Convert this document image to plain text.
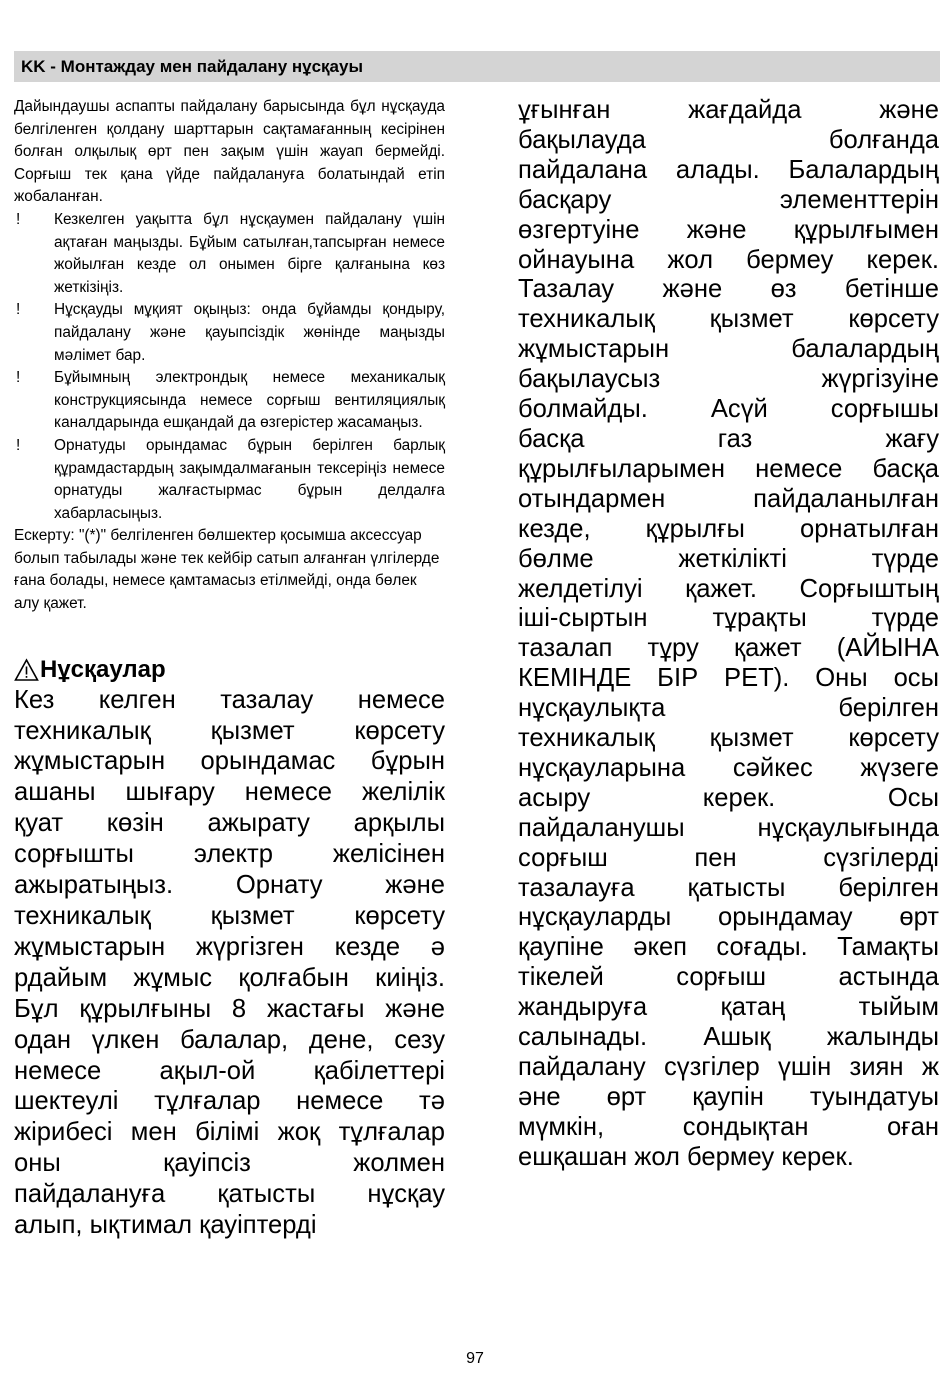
KK - Монтаждау мен пайдалану нұсқауы

Дайындаушы аспапты пайдалану барысында бұл нұсқауда белгіленген қолдану шарттарын сақтамағанның кесірінен болған олқылық өрт пен зақым үшін жауап бермейді. Сорғыш тек қана үйде пайдалануға болатындай етіп жобаланған.

!	Кезкелген уақытта бұл нұсқаумен пайдалану үшін ақтаған маңызды. Бұйым сатылған,тапсырған немесе жойылған кезде ол онымен бірге қалғанына көз жеткізіңіз.
!	Нұсқауды мұқият оқыңыз: онда бұйамды қондыру, пайдалану және қауыпсіздік жөнінде маңызды мәлімет бар.
!	Бұйымның электрондық немесе механикалық конструкциясында немесе сорғыш вентиляциялық каналдарында ешқандай да өзгерістер жасамаңыз.
!	Орнатуды орындамас бұрын берілген барлық құрамдастардың зақымдалмағанын тексеріңіз немесе орнатуды жалғастырмас бұрын делдалға хабарласыңыз.

Ескерту: "(*)" белгіленген бөлшектер қосымша аксессуар болып табылады және тек кейбір сатып алғанған үлгілерде ғана болады, немесе қамтамасыз етілмейді, онда бөлек алу қажет.

Нұсқаулар

Кез келген тазалау немесе

техникалық қызмет көрсету

жұмыстарын орындамас бұрын

ашаны шығару немесе желілік

қуат көзін ажырату арқылы

сорғышты электр желісінен

ажыратыңыз. Орнату және

техникалық қызмет көрсету

жұмыстарын жүргізген кезде ә

рдайым жұмыс қолғабын киіңіз.

Бұл құрылғыны 8 жастағы және

одан үлкен балалар, дене, сезу

немесе ақыл-ой қабілеттері

шектеулі тұлғалар немесе тә

жірибесі мен білімі жоқ тұлғалар

оны қауіпсіз жолмен

пайдалануға қатысты нұсқау

алып, ықтимал қауіптерді

ұғынған жағдайда және

бақылауда болғанда

пайдалана алады. Балалардың

басқару элементтерін

өзгертуіне және құрылғымен

ойнауына жол бермеу керек.

Тазалау және өз бетінше

техникалық қызмет көрсету

жұмыстарын балалардың

бақылаусыз жүргізуіне

болмайды. Асүй сорғышы

басқа газ жағу

құрылғыларымен немесе басқа

отындармен пайдаланылған

кезде, құрылғы орнатылған

бөлме жеткілікті түрде

желдетілуі қажет. Сорғыштың

іші-сыртын тұрақты түрде

тазалап тұру қажет (АЙЫНА

КЕМІНДЕ БІР РЕТ). Оны осы

нұсқаулықта берілген

техникалық қызмет көрсету

нұсқауларына сәйкес жүзеге

асыру керек. Осы

пайдаланушы нұсқаулығында

сорғыш пен сүзгілерді

тазалауға қатысты берілген

нұсқауларды орындамау өрт

қаупіне әкеп соғады. Тамақты

тікелей сорғыш астында

жандыруға қатаң тыйым

салынады. Ашық жалынды

пайдалану сүзгілер үшін зиян ж

әне өрт қаупін туындатуы

мүмкін, сондықтан оған

ешқашан жол бермеу керек.

97
